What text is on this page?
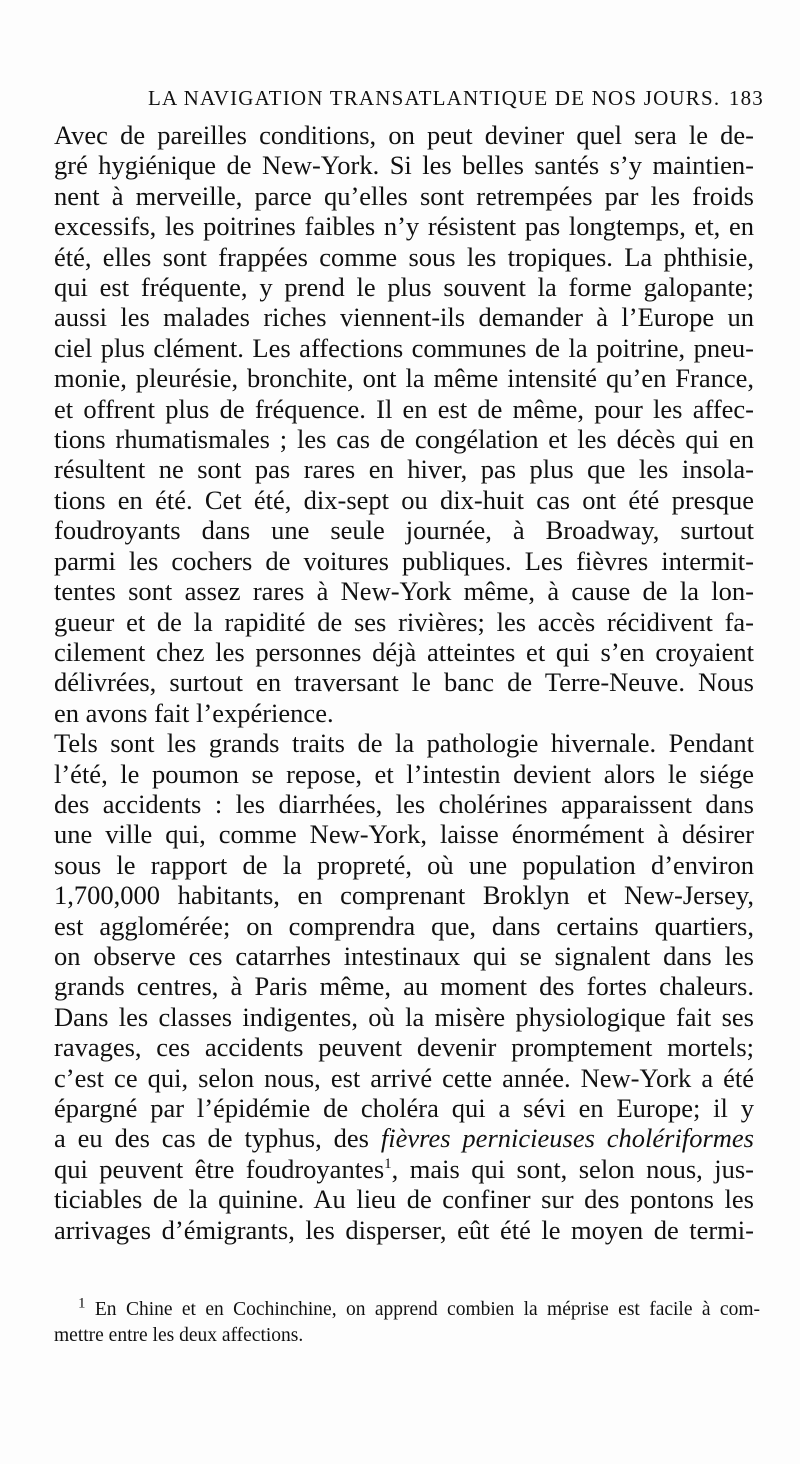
LA NAVIGATION TRANSATLANTIQUE DE NOS JOURS. 183
Avec de pareilles conditions, on peut deviner quel sera le de-
gré hygiénique de New-York. Si les belles santés s’y maintien-
nent à merveille, parce qu’elles sont retrempées par les froids
excessifs, les poitrines faibles n’y résistent pas longtemps, et, en
été, elles sont frappées comme sous les tropiques. La phthisie,
qui est fréquente, y prend le plus souvent la forme galopante;
aussi les malades riches viennent-ils demander à l’Europe un
ciel plus clément. Les affections communes de la poitrine, pneu-
monie, pleurésie, bronchite, ont la même intensité qu’en France,
et offrent plus de fréquence. Il en est de même, pour les affec-
tions rhumatismales ; les cas de congélation et les décès qui en
résultent ne sont pas rares en hiver, pas plus que les insola-
tions en été. Cet été, dix-sept ou dix-huit cas ont été presque
foudroyants dans une seule journée, à Broadway, surtout
parmi les cochers de voitures publiques. Les fièvres intermit-
tentes sont assez rares à New-York même, à cause de la lon-
gueur et de la rapidité de ses rivières; les accès récidivent fa-
cilement chez les personnes déjà atteintes et qui s’en croyaient
délivrées, surtout en traversant le banc de Terre-Neuve. Nous
en avons fait l’expérience.
Tels sont les grands traits de la pathologie hivernale. Pendant
l’été, le poumon se repose, et l’intestin devient alors le siége
des accidents : les diarrhées, les cholérines apparaissent dans
une ville qui, comme New-York, laisse énormément à désirer
sous le rapport de la propreté, où une population d’environ
1,700,000 habitants, en comprenant Broklyn et New-Jersey,
est agglomérée; on comprendra que, dans certains quartiers,
on observe ces catarrhes intestinaux qui se signalent dans les
grands centres, à Paris même, au moment des fortes chaleurs.
Dans les classes indigentes, où la misère physiologique fait ses
ravages, ces accidents peuvent devenir promptement mortels;
c’est ce qui, selon nous, est arrivé cette année. New-York a été
épargné par l’épidémie de choléra qui a sévi en Europe; il y
a eu des cas de typhus, des fièvres pernicieuses cholériformes
qui peuvent être foudroyantes$^1$, mais qui sont, selon nous, jus-
ticiables de la quinine. Au lieu de confiner sur des pontons les
arrivages d’émigrants, les disperser, eût été le moyen de termi-
$^1$ En Chine et en Cochinchine, on apprend combien la méprise est facile à com-
mettre entre les deux affections.
